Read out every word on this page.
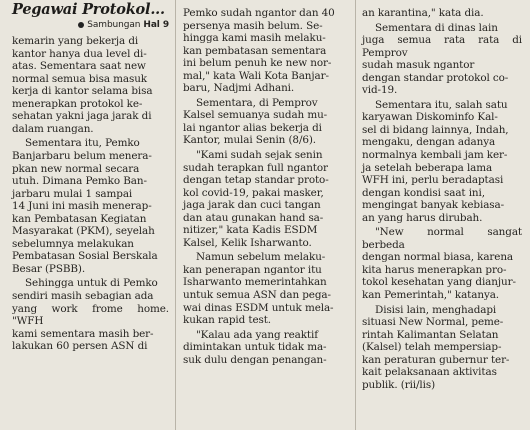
Pegawai Protokol...
Sambungan Hal 9

kemarin yang bekerja di
kantor hanya dua level di-
atas. Sementara saat new
normal semua bisa masuk
kerja di kantor selama bisa
menerapkan protokol ke-
sehatan yakni jaga jarak di
dalam ruangan.

Sementara itu, Pemko
Banjarbaru belum menera-
pkan new normal secara
utuh. Dimana Pemko Ban-
jarbaru mulai 1 sampai
14 Juni ini masih menerap-
kan Pembatasan Kegiatan
Masyarakat (PKM), seyelah
sebelumnya melakukan
Pembatasan Sosial Berskala
Besar (PSBB).

Sehingga untuk di Pemko
sendiri masih sebagian ada
yang work frome home. "WFH
kami sementara masih ber-
lakukan 60 persen ASN di

Pemko sudah ngantor dan 40
persenya masih belum. Se-
hingga kami masih melaku-
kan pembatasan sementara
ini belum penuh ke new nor-
mal," kata Wali Kota Banjar-
baru, Nadjmi Adhani.

Sementara, di Pemprov
Kalsel semuanya sudah mu-
lai ngantor alias bekerja di
Kantor, mulai Senin (8/6).

"Kami sudah sejak senin
sudah terapkan full ngantor
dengan tetap standar proto-
kol covid-19, pakai masker,
jaga jarak dan cuci tangan
dan atau gunakan hand sa-
nitizer," kata Kadis ESDM
Kalsel, Kelik Isharwanto.

Namun sebelum melaku-
kan penerapan ngantor itu
Isharwanto memerintahkan
untuk semua ASN dan pega-
wai dinas ESDM untuk mela-
kukan rapid test.

"Kalau ada yang reaktif
dimintakan untuk tidak ma-
suk dulu dengan penangan-

an karantina," kata dia.

Sementara di dinas lain
juga semua rata rata di Pemprov
sudah masuk ngantor
dengan standar protokol co-
vid-19.

Sementara itu, salah satu
karyawan Diskominfo Kal-
sel di bidang lainnya, Indah,
mengaku, dengan adanya
normalnya kembali jam ker-
ja setelah beberapa lama
WFH ini, perlu beradaptasi
dengan kondisi saat ini,
mengingat banyak kebiasa-
an yang harus dirubah.

"New normal sangat berbeda
dengan normal biasa, karena
kita harus menerapkan pro-
tokol kesehatan yang dianjur-
kan Pemerintah," katanya.

Disisi lain, menghadapi
situasi New Normal, peme-
rintah Kalimantan Selatan
(Kalsel) telah mempersiap-
kan peraturan gubernur ter-
kait pelaksanaan aktivitas
publik. (rii/lis)
